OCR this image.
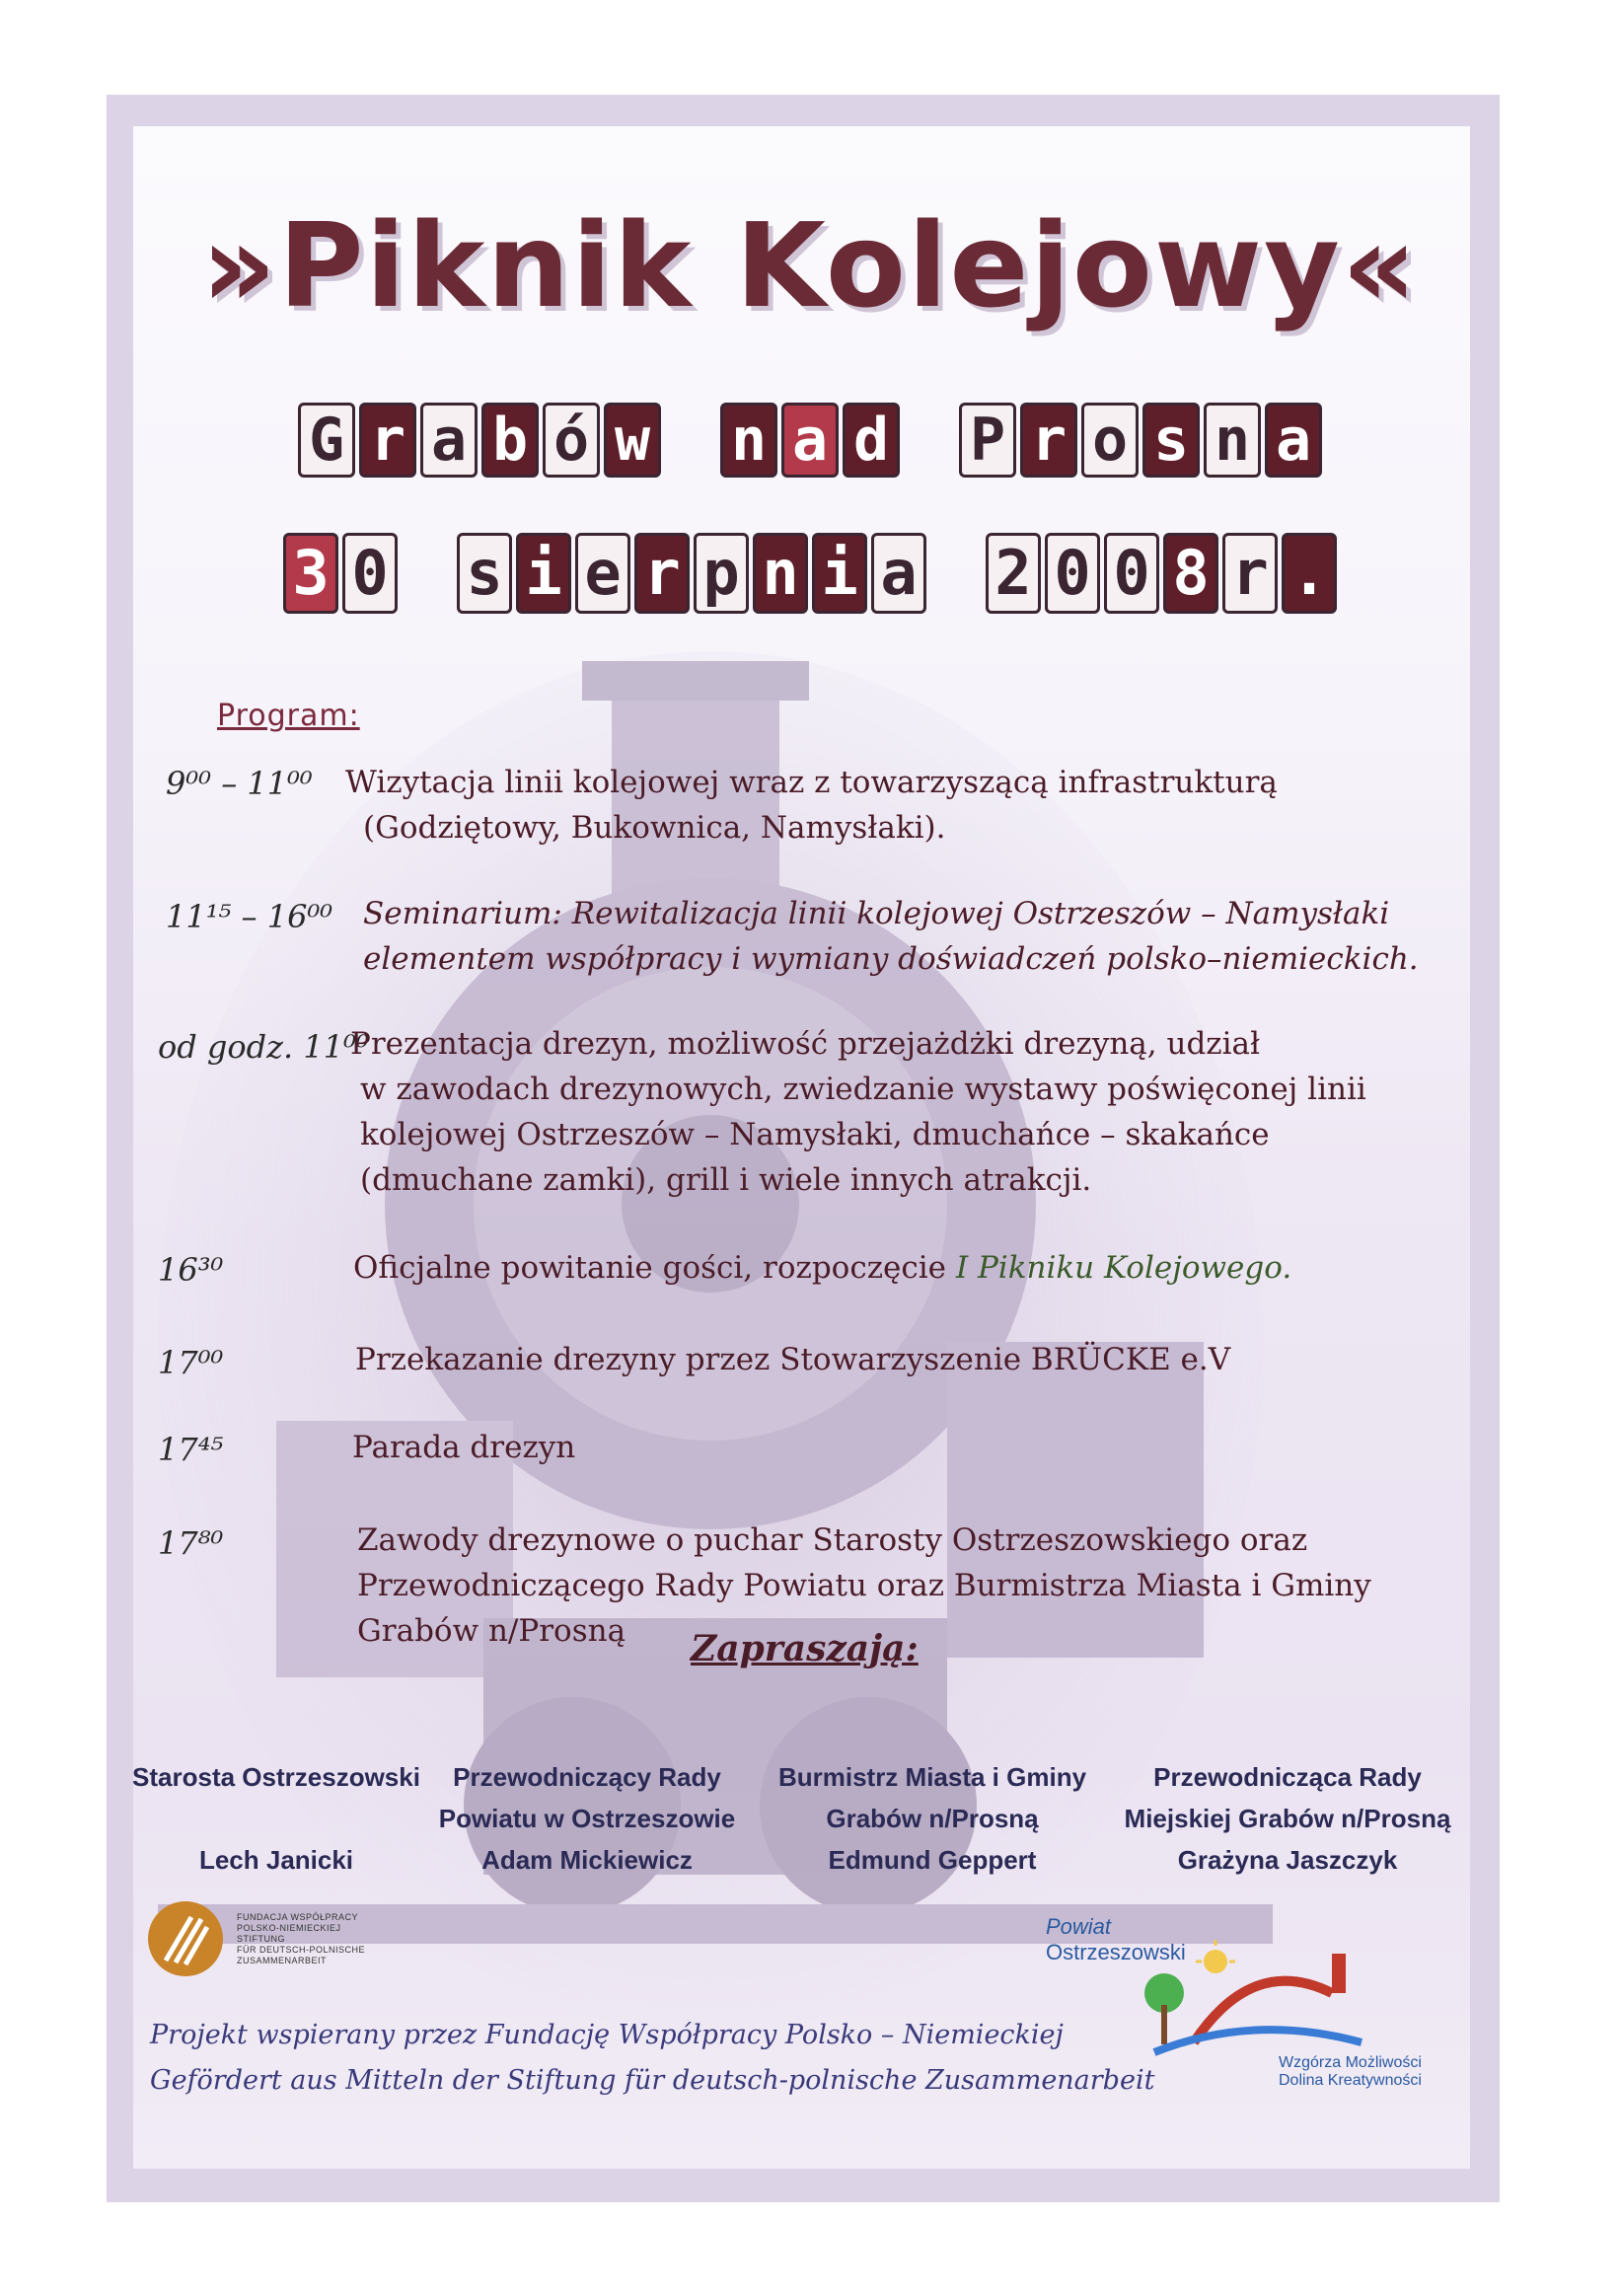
»Piknik Kolejowy«
G r a b ó w n a d P r o s n a
3 0 s i e r p n i a 2 0 0 8 r .
Program:
9⁰⁰ – 11⁰⁰ Wizytacja linii kolejowej wraz z towarzyszącą infrastrukturą
(Godziętowy, Bukownica, Namysłaki).
11¹⁵ – 16⁰⁰ Seminarium: Rewitalizacja linii kolejowej Ostrzeszów – Namysłaki
elementem współpracy i wymiany doświadczeń polsko–niemieckich.
od godz. 11⁰⁰
Prezentacja drezyn, możliwość przejażdżki drezyną, udział
w zawodach drezynowych, zwiedzanie wystawy poświęconej linii
kolejowej Ostrzeszów – Namysłaki, dmuchańce – skakańce
(dmuchane zamki), grill i wiele innych atrakcji.
16³⁰	Oficjalne powitanie gości, rozpoczęcie I Pikniku Kolejowego.
17⁰⁰	Przekazanie drezyny przez Stowarzyszenie BRÜCKE e.V
17⁴⁵	Parada drezyn
17⁸⁰	Zawody drezynowe o puchar Starosty Ostrzeszowskiego oraz
Przewodniczącego Rady Powiatu oraz Burmistrza Miasta i Gminy
Grabów n/Prosną	Zapraszają:
Starosta Ostrzeszowski
Lech Janicki
Przewodniczący Rady
Powiatu w Ostrzeszowie
Adam Mickiewicz
Burmistrz Miasta i Gminy
Grabów n/Prosną
Edmund Geppert
Przewodnicząca Rady
Miejskiej Grabów n/Prosną
Grażyna Jaszczyk
FUNDACJA WSPÓŁPRACY
POLSKO-NIEMIECKIEJ
STIFTUNG
FÜR DEUTSCH-POLNISCHE
ZUSAMMENARBEIT
Projekt wspierany przez Fundację Współpracy Polsko – Niemieckiej
Gefördert aus Mitteln der Stiftung für deutsch-polnische Zusammenarbeit
Powiat
Ostrzeszowski
Wzgórza Możliwości
Dolina Kreatywności
